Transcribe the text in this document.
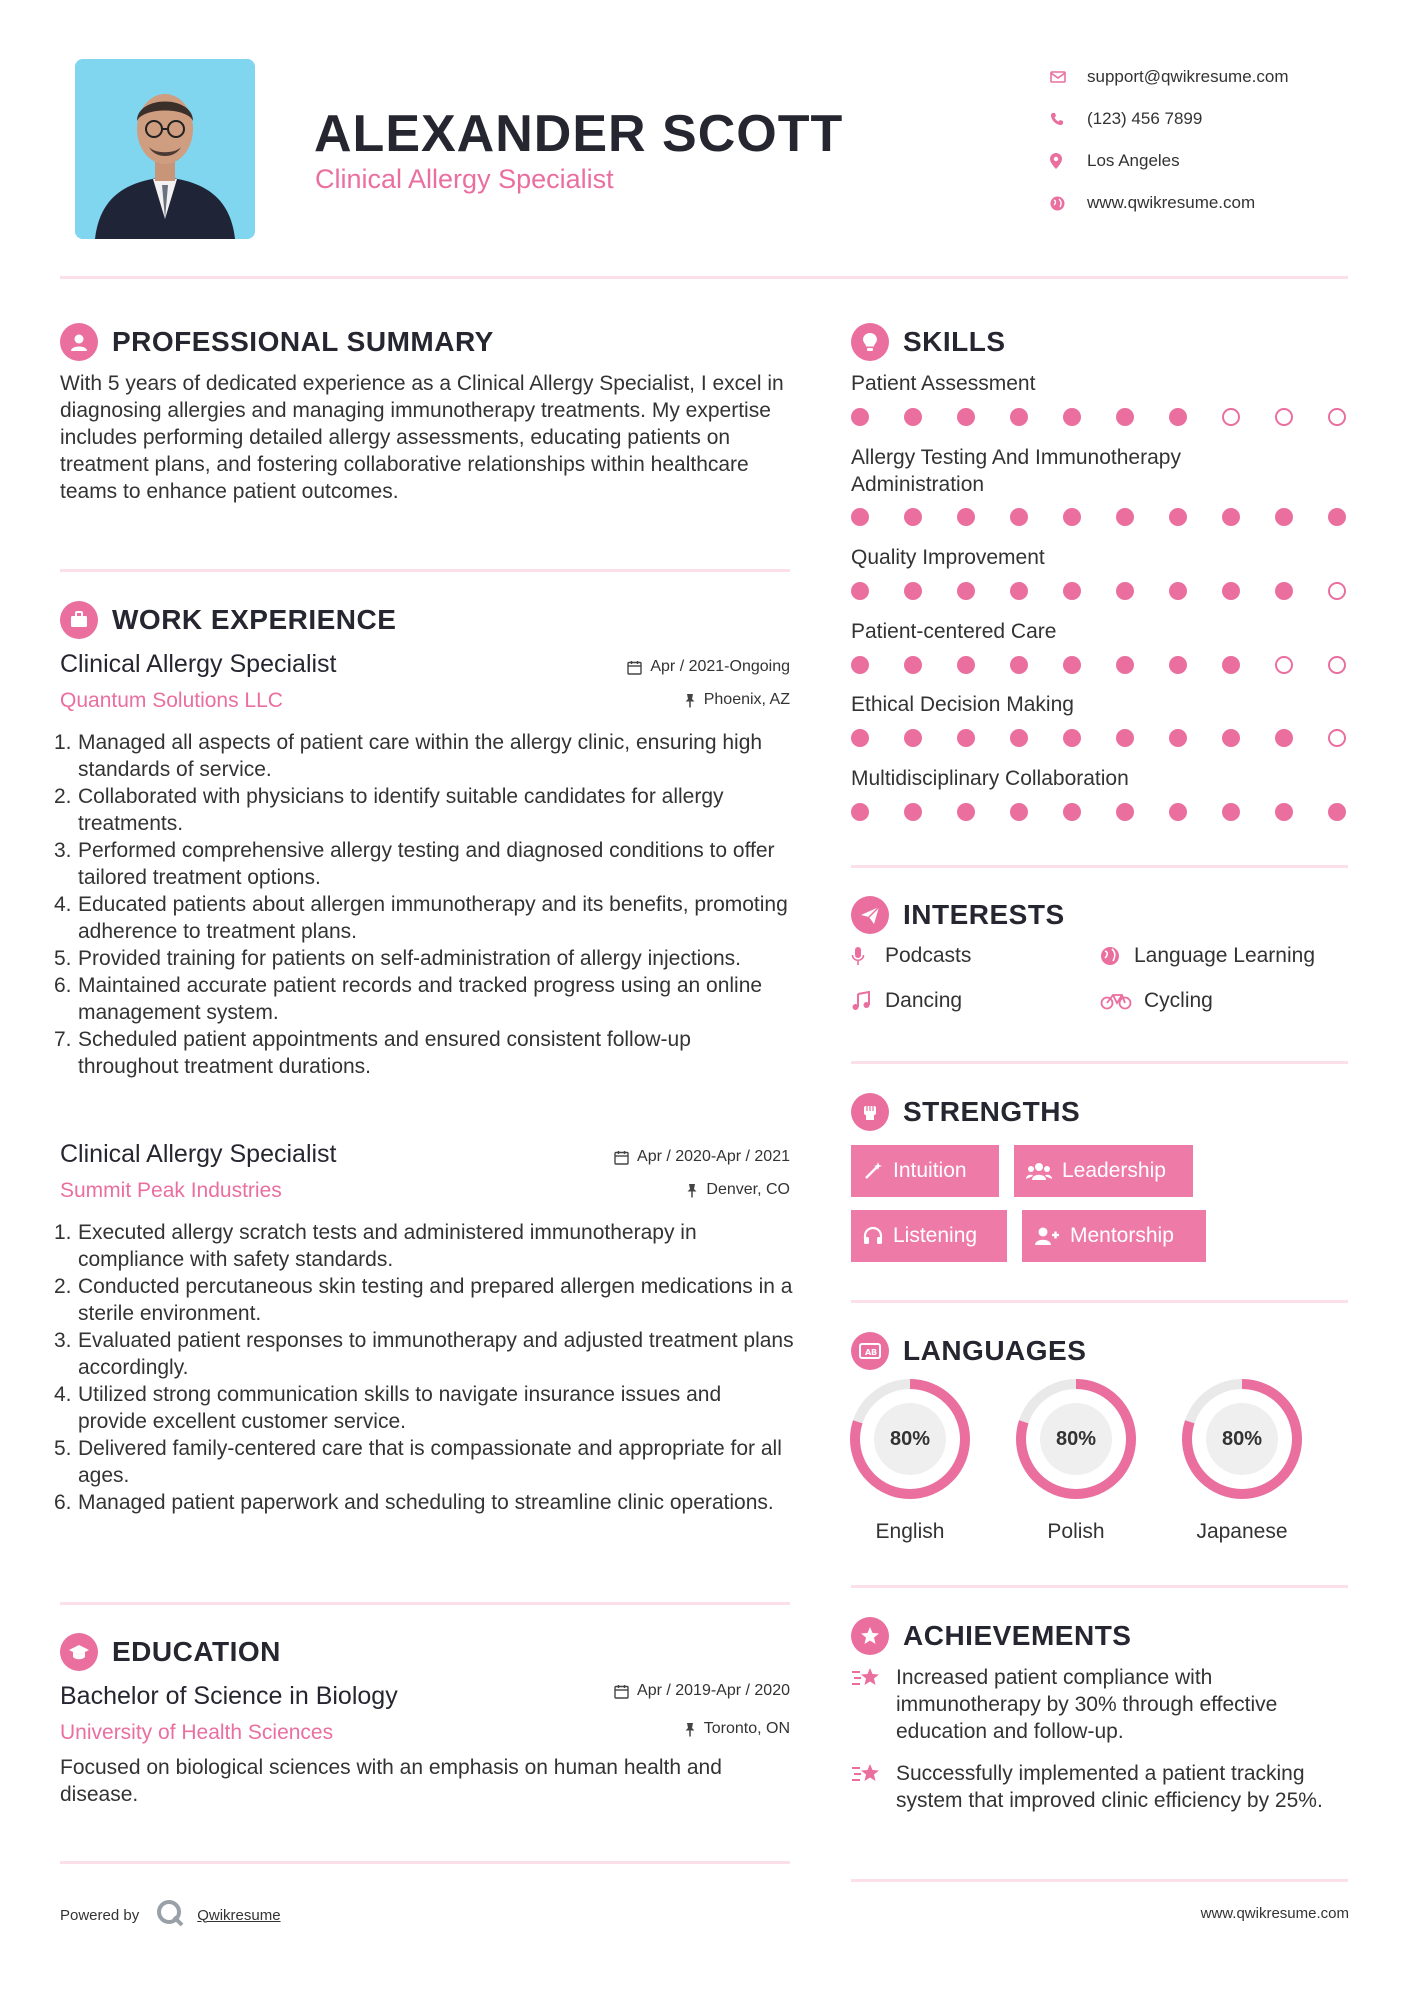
ALEXANDER SCOTT
Clinical Allergy Specialist
support@qwikresume.com
(123) 456 7899
Los Angeles
www.qwikresume.com
PROFESSIONAL SUMMARY
With 5 years of dedicated experience as a Clinical Allergy Specialist, I excel in diagnosing allergies and managing immunotherapy treatments. My expertise includes performing detailed allergy assessments, educating patients on treatment plans, and fostering collaborative relationships within healthcare teams to enhance patient outcomes.
WORK EXPERIENCE
Clinical Allergy Specialist
Quantum Solutions LLC
Apr / 2021-Ongoing
Phoenix, AZ
1. Managed all aspects of patient care within the allergy clinic, ensuring high standards of service.
2. Collaborated with physicians to identify suitable candidates for allergy treatments.
3. Performed comprehensive allergy testing and diagnosed conditions to offer tailored treatment options.
4. Educated patients about allergen immunotherapy and its benefits, promoting adherence to treatment plans.
5. Provided training for patients on self-administration of allergy injections.
6. Maintained accurate patient records and tracked progress using an online management system.
7. Scheduled patient appointments and ensured consistent follow-up throughout treatment durations.
Clinical Allergy Specialist
Summit Peak Industries
Apr / 2020-Apr / 2021
Denver, CO
1. Executed allergy scratch tests and administered immunotherapy in compliance with safety standards.
2. Conducted percutaneous skin testing and prepared allergen medications in a sterile environment.
3. Evaluated patient responses to immunotherapy and adjusted treatment plans accordingly.
4. Utilized strong communication skills to navigate insurance issues and provide excellent customer service.
5. Delivered family-centered care that is compassionate and appropriate for all ages.
6. Managed patient paperwork and scheduling to streamline clinic operations.
EDUCATION
Bachelor of Science in Biology
University of Health Sciences
Apr / 2019-Apr / 2020
Toronto, ON
Focused on biological sciences with an emphasis on human health and disease.
SKILLS
Patient Assessment
Allergy Testing And Immunotherapy Administration
Quality Improvement
Patient-centered Care
Ethical Decision Making
Multidisciplinary Collaboration
INTERESTS
Podcasts	Language Learning
Dancing	Cycling
STRENGTHS
Intuition	Leadership
Listening	Mentorship
A B LANGUAGES
80%
English
80%
Polish
80%
Japanese
ACHIEVEMENTS
Increased patient compliance with immunotherapy by 30% through effective education and follow-up.
Successfully implemented a patient tracking system that improved clinic efficiency by 25%.
Powered by	Qwikresume	www.qwikresume.com
